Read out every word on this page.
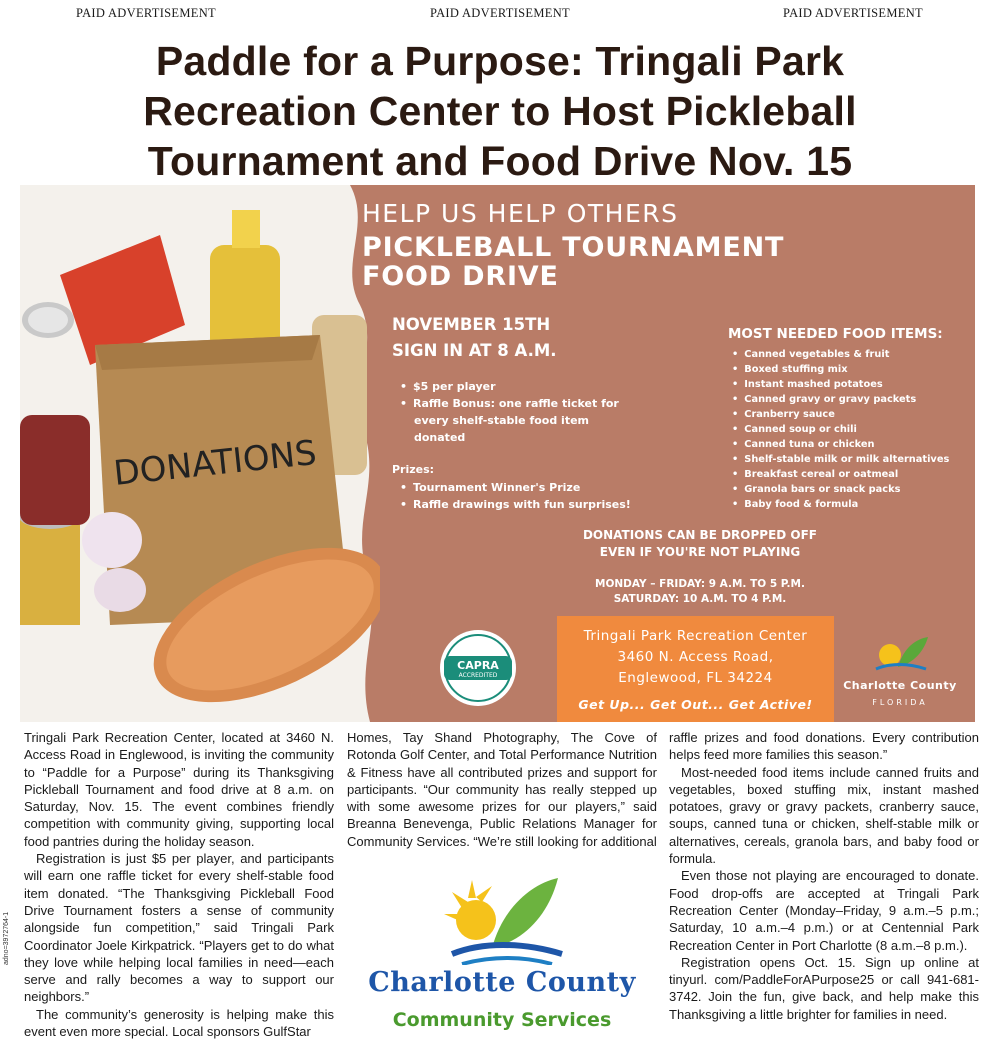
PAID ADVERTISEMENT	PAID ADVERTISEMENT	PAID ADVERTISEMENT
Paddle for a Purpose: Tringali Park
Recreation Center to Host Pickleball
Tournament and Food Drive Nov. 15
DONATIONS
HELP US HELP OTHERS
PICKLEBALL TOURNAMENT
FOOD DRIVE
NOVEMBER 15TH
SIGN IN AT 8 A.M.
• $5 per player
• Raffle Bonus: one raffle ticket for
every shelf-stable food item
donated
Prizes:
• Tournament Winner's Prize
• Raffle drawings with fun surprises!
MOST NEEDED FOOD ITEMS:
• Canned vegetables & fruit
• Boxed stuffing mix
• Instant mashed potatoes
• Canned gravy or gravy packets
• Cranberry sauce
• Canned soup or chili
• Canned tuna or chicken
• Shelf-stable milk or milk alternatives
• Breakfast cereal or oatmeal
• Granola bars or snack packs
• Baby food & formula
DONATIONS CAN BE DROPPED OFF
EVEN IF YOU'RE NOT PLAYING
MONDAY – FRIDAY: 9 A.M. TO 5 P.M.
SATURDAY: 10 A.M. TO 4 P.M.
CAPRA
ACCREDITED
Tringali Park Recreation Center
3460 N. Access Road,
Englewood, FL 34224
Get Up... Get Out... Get Active!
Charlotte County
FLORIDA

Tringali Park Recreation Center, located at 3460 N. Access Road in Englewood, is inviting the community to “Paddle for a Purpose” during its Thanksgiving Pickleball Tournament and food drive at 8 a.m. on Saturday, Nov. 15. The event combines friendly competition with community giving, supporting local food pantries during the holiday season.

Registration is just $5 per player, and participants will earn one raffle ticket for every shelf-stable food item donated. “The Thanksgiving Pickleball Food Drive Tournament fosters a sense of community alongside fun competition,” said Tringali Park Coordinator Joele Kirkpatrick. “Players get to do what they love while helping local families in need—each serve and rally becomes a way to support our neighbors.”

The community’s generosity is helping make this event even more special. Local sponsors GulfStar

Homes, Tay Shand Photography, The Cove of Rotonda Golf Center, and Total Performance Nutrition & Fitness have all contributed prizes and support for participants. “Our community has really stepped up with some awesome prizes for our players,” said Breanna Benevenga, Public Relations Manager for Community Services. “We’re still looking for additional

raffle prizes and food donations. Every contribution helps feed more families this season.”

Most-needed food items include canned fruits and vegetables, boxed stuffing mix, instant mashed potatoes, gravy or gravy packets, cranberry sauce, soups, canned tuna or chicken, shelf-stable milk or alternatives, cereals, granola bars, and baby food or formula.

Even those not playing are encouraged to donate. Food drop-offs are accepted at Tringali Park Recreation Center (Monday–Friday, 9 a.m.–5 p.m.; Saturday, 10 a.m.–4 p.m.) or at Centennial Park Recreation Center in Port Charlotte (8 a.m.–8 p.m.).

Registration opens Oct. 15. Sign up online at tinyurl. com/PaddleForAPurpose25 or call 941-681-3742. Join the fun, give back, and help make this Thanksgiving a little brighter for families in need.

adno=3972764-1
Charlotte County
Community Services
